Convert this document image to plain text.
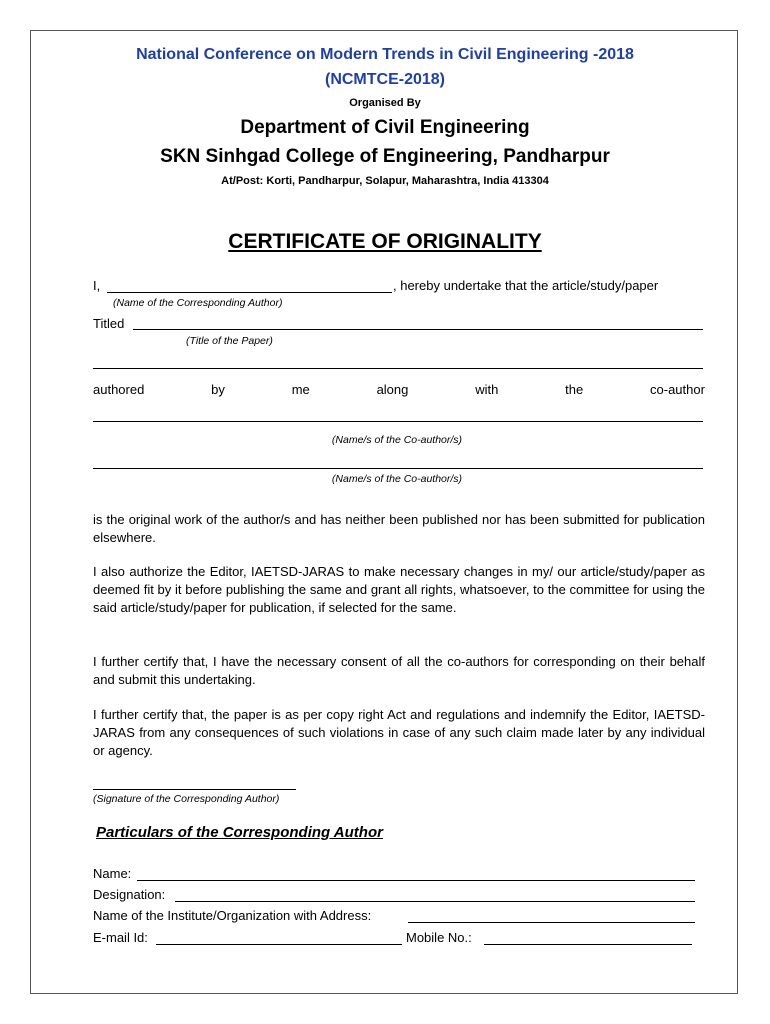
National Conference on Modern Trends in Civil Engineering -2018
(NCMTCE-2018)
Organised By
Department of Civil Engineering
SKN Sinhgad College of Engineering, Pandharpur
At/Post: Korti, Pandharpur, Solapur, Maharashtra, India 413304
CERTIFICATE OF ORIGINALITY
I,	, hereby undertake that the article/study/paper
(Name of the Corresponding Author)
Titled
(Title of the Paper)
authored	by	me	along	with	the	co-author
(Name/s of the Co-author/s)
(Name/s of the Co-author/s)
is the original work of the author/s and has neither been published nor has been submitted for publication elsewhere.
I also authorize the Editor, IAETSD-JARAS to make necessary changes in my/ our article/study/paper as deemed fit by it before publishing the same and grant all rights, whatsoever, to the committee for using the said article/study/paper for publication, if selected for the same.
I further certify that, I have the necessary consent of all the co-authors for corresponding on their behalf and submit this undertaking.
I further certify that, the paper is as per copy right Act and regulations and indemnify the Editor, IAETSD-JARAS from any consequences of such violations in case of any such claim made later by any individual or agency.
(Signature of the Corresponding Author)
Particulars of the Corresponding Author
Name:
Designation:
Name of the Institute/Organization with Address:
E-mail Id:	Mobile No.:
